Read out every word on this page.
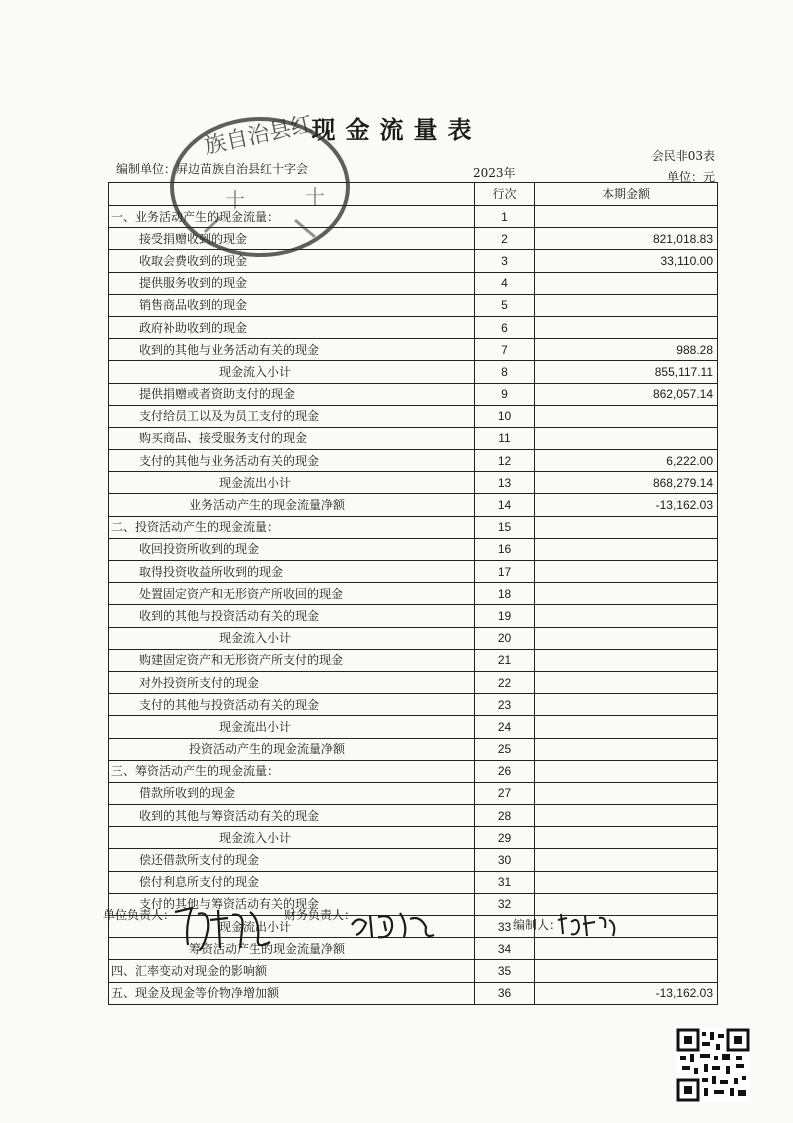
现金流量表
会民非03表
编制单位：屏边苗族自治县红十字会	2023年	单位：元
	行次	本期金额
一、业务活动产生的现金流量：	1	
接受捐赠收到的现金	2	821,018.83
收取会费收到的现金	3	33,110.00
提供服务收到的现金	4	
销售商品收到的现金	5	
政府补助收到的现金	6	
收到的其他与业务活动有关的现金	7	988.28
现金流入小计	8	855,117.11
提供捐赠或者资助支付的现金	9	862,057.14
支付给员工以及为员工支付的现金	10	
购买商品、接受服务支付的现金	11	
支付的其他与业务活动有关的现金	12	6,222.00
现金流出小计	13	868,279.14
业务活动产生的现金流量净额	14	-13,162.03
二、投资活动产生的现金流量：	15	
收回投资所收到的现金	16	
取得投资收益所收到的现金	17	
处置固定资产和无形资产所收回的现金	18	
收到的其他与投资活动有关的现金	19	
现金流入小计	20	
购建固定资产和无形资产所支付的现金	21	
对外投资所支付的现金	22	
支付的其他与投资活动有关的现金	23	
现金流出小计	24	
投资活动产生的现金流量净额	25	
三、筹资活动产生的现金流量：	26	
借款所收到的现金	27	
收到的其他与筹资活动有关的现金	28	
现金流入小计	29	
偿还借款所支付的现金	30	
偿付利息所支付的现金	31	
支付的其他与筹资活动有关的现金	32	
现金流出小计	33	
筹资活动产生的现金流量净额	34	
四、汇率变动对现金的影响额	35	
五、现金及现金等价物净增加额	36	-13,162.03
族自治县红
十	十
单位负责人：	财务负责人：
编制人：
